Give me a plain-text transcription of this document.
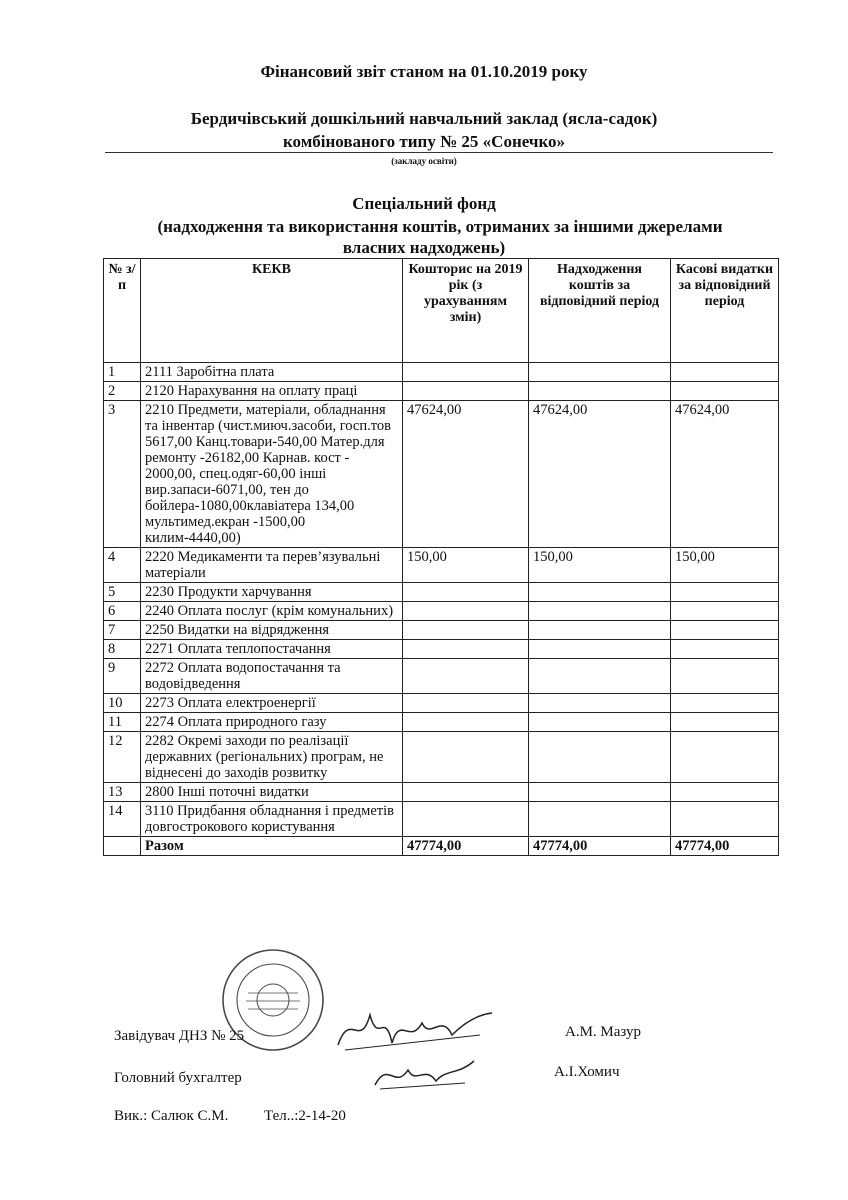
Фінансовий звіт станом на 01.10.2019 року
Бердичівський дошкільний навчальний заклад (ясла-садок)
комбінованого типу № 25 «Сонечко»
(закладу освіти)
Спеціальний фонд
(надходження та використання коштів, отриманих за іншими джерелами
власних надходжень)
№ з/п	КЕКВ	Кошторис на 2019 рік (з урахуванням змін)	Надходження коштів за відповідний період	Касові видатки за відповідний період
1	2111 Заробітна плата			
2	2120 Нарахування на оплату праці			
3	2210 Предмети, матеріали, обладнання та інвентар (чист.миюч.засоби, госп.тов 5617,00 Канц.товари-540,00 Матер.для ремонту -26182,00 Карнав. кост - 2000,00, спец.одяг-60,00 інші вир.запаси-6071,00, тен до бойлера-1080,00клавіатера 134,00 мультимед.екран -1500,00 килим-4440,00)	47624,00	47624,00	47624,00
4	2220 Медикаменти та перев’язувальні матеріали	150,00	150,00	150,00
5	2230 Продукти харчування			
6	2240 Оплата послуг (крім комунальних)			
7	2250 Видатки на відрядження			
8	2271 Оплата теплопостачання			
9	2272 Оплата водопостачання та водовідведення			
10	2273 Оплата електроенергії			
11	2274 Оплата природного газу			
12	2282 Окремі заходи по реалізації державних (регіональних) програм, не віднесені до заходів розвитку			
13	2800 Інші поточні видатки			
14	3110 Придбання обладнання і предметів довгострокового користування			
	Разом	47774,00	47774,00	47774,00
Завідувач ДНЗ № 25	А.М. Мазур
Головний бухгалтер	А.І.Хомич
Вик.: Салюк С.М. Тел..:2-14-20
